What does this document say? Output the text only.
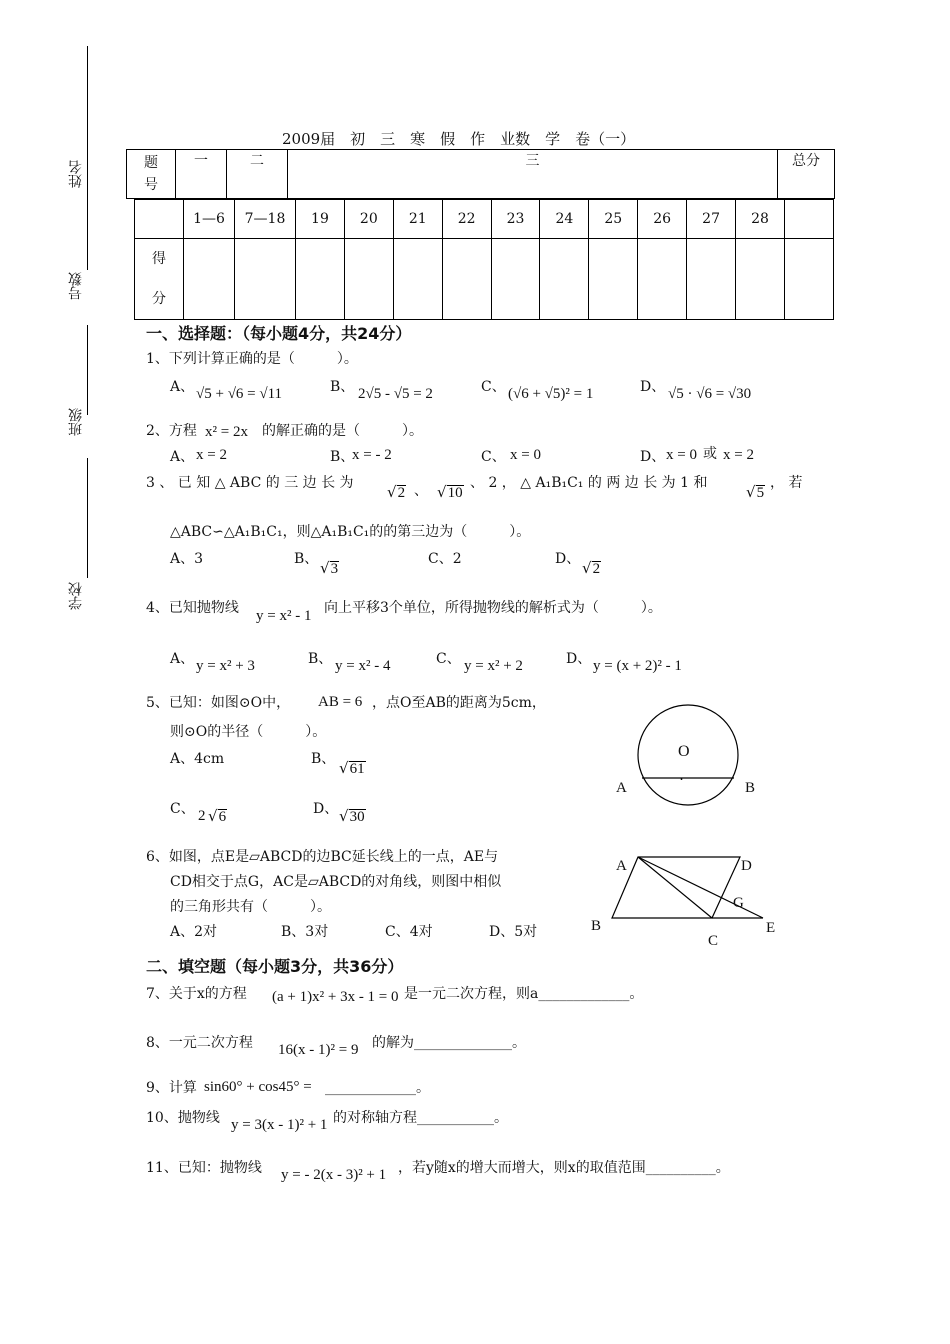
姓名
号数
班级
学校
2009届　初　三　寒　假　作　业数　学　卷（一）
题号	一	二	三	总分
	1—6	7—18	19	20	21	22	23	24	25	26	27	28	
得分													
一、选择题：（每小题4分，共24分）
1、下列计算正确的是（　　　）。
A、 √5 + √6 = √11	B、 2√5 - √5 = 2	C、 (√6 + √5)² = 1	D、 √5 · √6 = √30
2、方程 x² = 2x 的解正确的是（　　　）。
A、 x = 2	B、
x = - 2	C、 x = 0	D、 x = 0 或 x = 2
3 、 已 知 △ ABC 的 三 边 长 为 √2 、 √10
、 2 ， △ A₁B₁C₁ 的 两 边 长 为 1 和	√5
， 若
△ABC∽△A₁B₁C₁，则△A₁B₁C₁的的第三边为（　　　）。
A、3	B、 √3
C、2	D、 √2
4、已知抛物线 y = x² - 1 向上平移3个单位，所得抛物线的解析式为（　　　）。
A、 y = x² + 3	B、 y = x² - 4	C、 y = x² + 2	D、 y = (x + 2)² - 1
5、已知：如图⊙O中， AB = 6 ，点O至AB的距离为5cm，
则⊙O的半径（　　　）。
A、4cm	B、 √61
C、 2 √6	D、 √30
O
A	B
·
6、如图，点E是▱ABCD的边BC延长线上的一点，AE与
CD相交于点G，AC是▱ABCD的对角线，则图中相似
的三角形共有（　　　）。
A、2对	B、3对	C、4对	D、5对
A	D
G
B
C
E
二、填空题（每小题3分，共36分）
7、关于x的方程 (a + 1)x² + 3x - 1 = 0 是一元二次方程，则a_____________。
8、一元二次方程 16(x - 1)² = 9 的解为______________。
9、计算 sin60° + cos45° = _____________。
10、抛物线 y = 3(x - 1)² + 1 的对称轴方程___________。
11、已知：抛物线 y = - 2(x - 3)² + 1 ，若y随x的增大而增大，则x的取值范围__________。
